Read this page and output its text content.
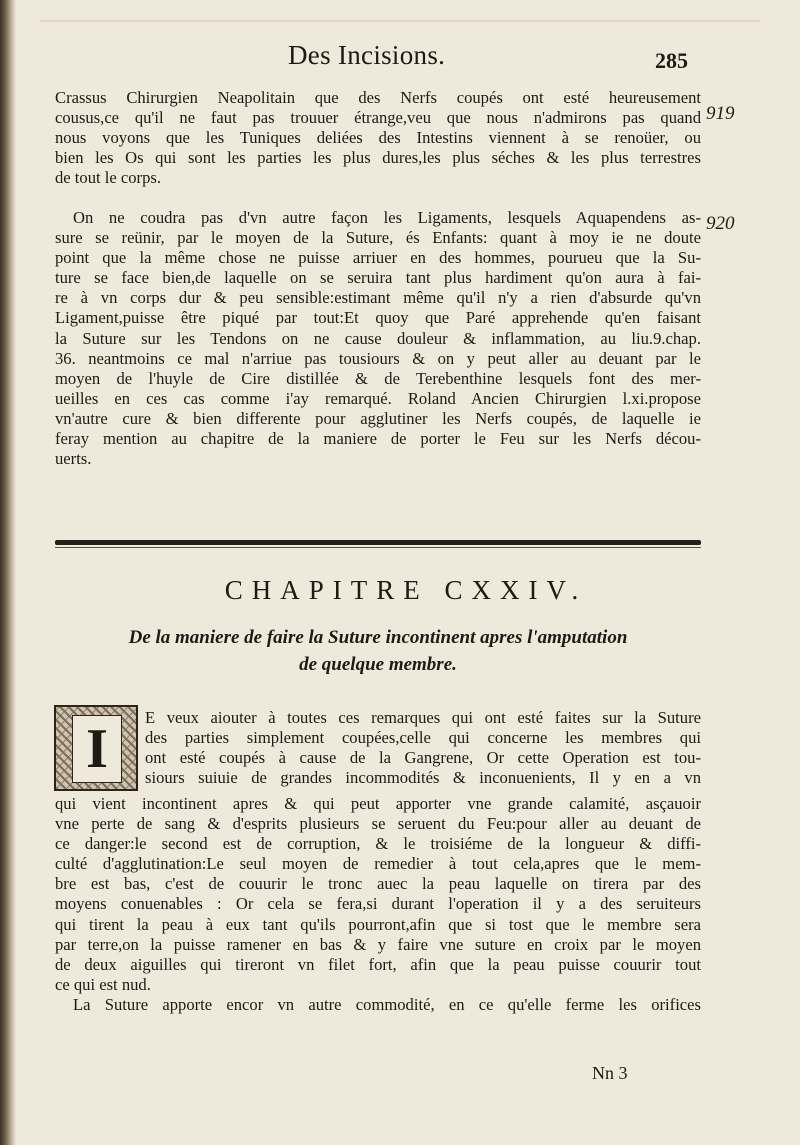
Des Incisions.	285
919
920
Crassus Chirurgien Neapolitain que des Nerfs coupés ont esté heureusement
cousus,ce qu'il ne faut pas trouuer étrange,veu que nous n'admirons pas quand
nous voyons que les Tuniques deliées des Intestins viennent à se renoüer, ou
bien les Os qui sont les parties les plus dures,les plus séches & les plus terrestres
de tout le corps.
On ne coudra pas d'vn autre façon les Ligaments, lesquels Aquapendens as-
sure se reünir, par le moyen de la Suture, és Enfants: quant à moy ie ne doute
point que la même chose ne puisse arriuer en des hommes, pourueu que la Su-
ture se face bien,de laquelle on se seruira tant plus hardiment qu'on aura à fai-
re à vn corps dur & peu sensible:estimant même qu'il n'y a rien d'absurde qu'vn
Ligament,puisse être piqué par tout:Et quoy que Paré apprehende qu'en faisant
la Suture sur les Tendons on ne cause douleur & inflammation, au liu.9.chap.
36. neantmoins ce mal n'arriue pas tousiours & on y peut aller au deuant par le
moyen de l'huyle de Cire distillée & de Terebenthine lesquels font des mer-
ueilles en ces cas comme i'ay remarqué. Roland Ancien Chirurgien l.xi.propose
vn'autre cure & bien differente pour agglutiner les Nerfs coupés, de laquelle ie
feray mention au chapitre de la maniere de porter le Feu sur les Nerfs décou-
uerts.
CHAPITRE CXXIV.
De la maniere de faire la Suture incontinent apres l'amputation
de quelque membre.
I
E veux aiouter à toutes ces remarques qui ont esté faites sur la Suture
des parties simplement coupées,celle qui concerne les membres qui
ont esté coupés à cause de la Gangrene, Or cette Operation est tou-
siours suiuie de grandes incommodités & inconuenients, Il y en a vn
qui vient incontinent apres & qui peut apporter vne grande calamité, asçauoir
vne perte de sang & d'esprits plusieurs se seruent du Feu:pour aller au deuant de
ce danger:le second est de corruption, & le troisiéme de la longueur & diffi-
culté d'agglutination:Le seul moyen de remedier à tout cela,apres que le mem-
bre est bas, c'est de couurir le tronc auec la peau laquelle on tirera par des
moyens conuenables : Or cela se fera,si durant l'operation il y a des seruiteurs
qui tirent la peau à eux tant qu'ils pourront,afin que si tost que le membre sera
par terre,on la puisse ramener en bas & y faire vne suture en croix par le moyen
de deux aiguilles qui tireront vn filet fort, afin que la peau puisse couurir tout
ce qui est nud.
La Suture apporte encor vn autre commodité, en ce qu'elle ferme les orifices
Nn 3
